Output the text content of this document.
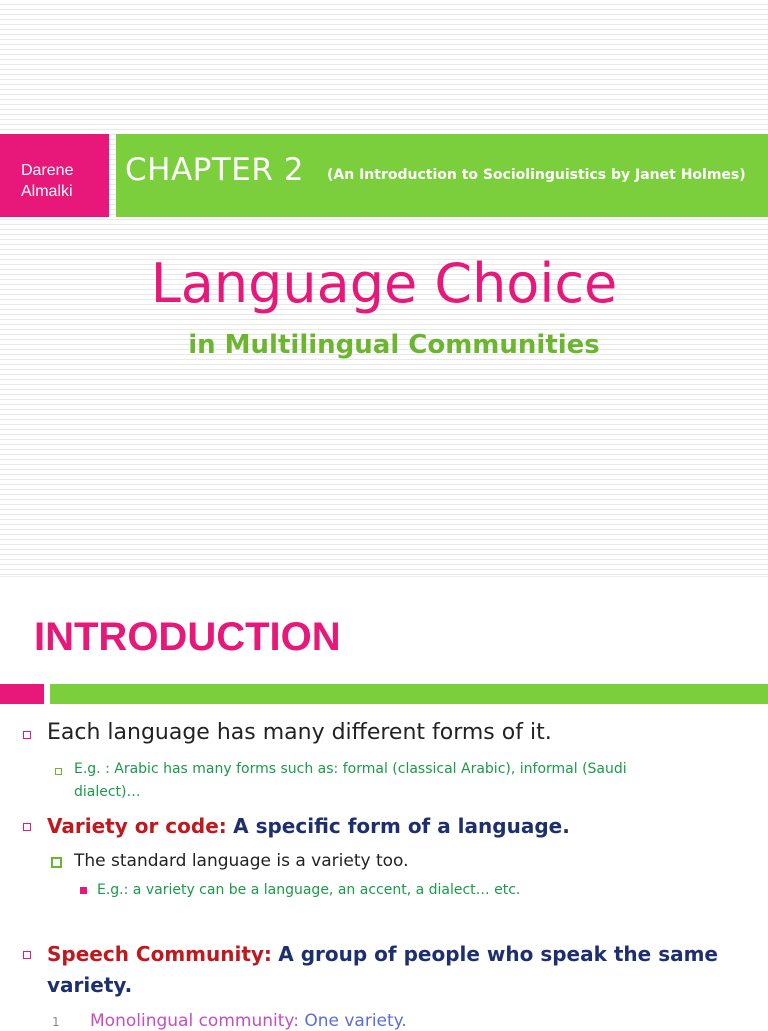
Darene
Almalki
CHAPTER 2 (An Introduction to Sociolinguistics by Janet Holmes)
Language Choice
in Multilingual Communities
INTRODUCTION
Each language has many different forms of it.
E.g. : Arabic has many forms such as: formal (classical Arabic), informal (Saudi
dialect)…
Variety or code: A specific form of a language.
The standard language is a variety too.
E.g.: a variety can be a language, an accent, a dialect… etc.
Speech Community: A group of people who speak the same
variety.
1 Monolingual community: One variety.
